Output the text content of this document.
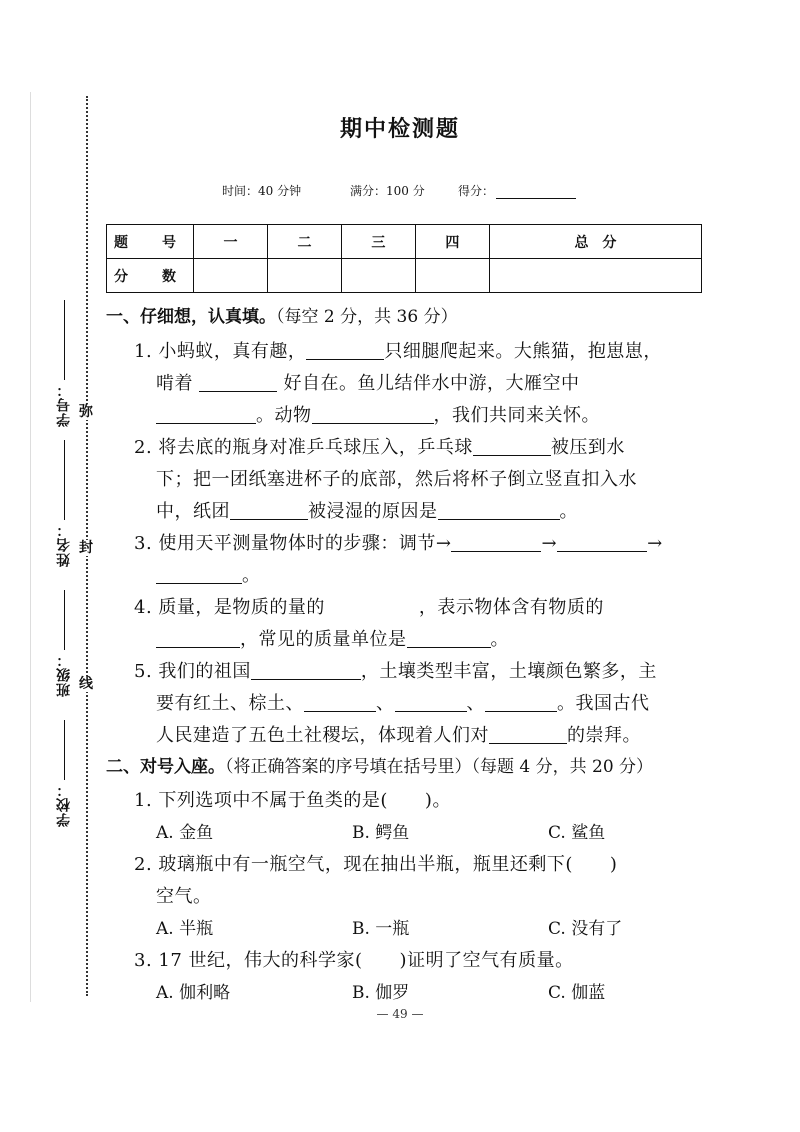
弥
封
线
学号：
姓名：
班级：
学校：
期中检测题
时间：40 分钟	满分：100 分	得分：
题　号	一	二	三	四	总　分
分　数					
一、仔细想，认真填。（每空 2 分，共 36 分）
1. 小蚂蚁，真有趣，	只细腿爬起来。大熊猫，抱崽崽，
啃着	好自在。鱼儿结伴水中游，大雁空中
。动物	，我们共同来关怀。
2. 将去底的瓶身对准乒乓球压入，乒乓球	被压到水
下；把一团纸塞进杯子的底部，然后将杯子倒立竖直扣入水
中，纸团	被浸湿的原因是	。
3. 使用天平测量物体时的步骤：调节→	→	→
。
4. 质量，是物质的量的	，表示物体含有物质的
，常见的质量单位是	。
5. 我们的祖国	，土壤类型丰富，土壤颜色繁多，主
要有红土、棕土、	、	、	。我国古代
人民建造了五色土社稷坛，体现着人们对	的崇拜。
二、对号入座。（将正确答案的序号填在括号里）（每题 4 分，共 20 分）
1. 下列选项中不属于鱼类的是(　　)。
A. 金鱼	B. 鳄鱼	C. 鲨鱼
2. 玻璃瓶中有一瓶空气，现在抽出半瓶，瓶里还剩下(　　)
空气。
A. 半瓶	B. 一瓶	C. 没有了
3. 17 世纪，伟大的科学家(　　)证明了空气有质量。
A. 伽利略	B. 伽罗	C. 伽蓝
— 49 —
